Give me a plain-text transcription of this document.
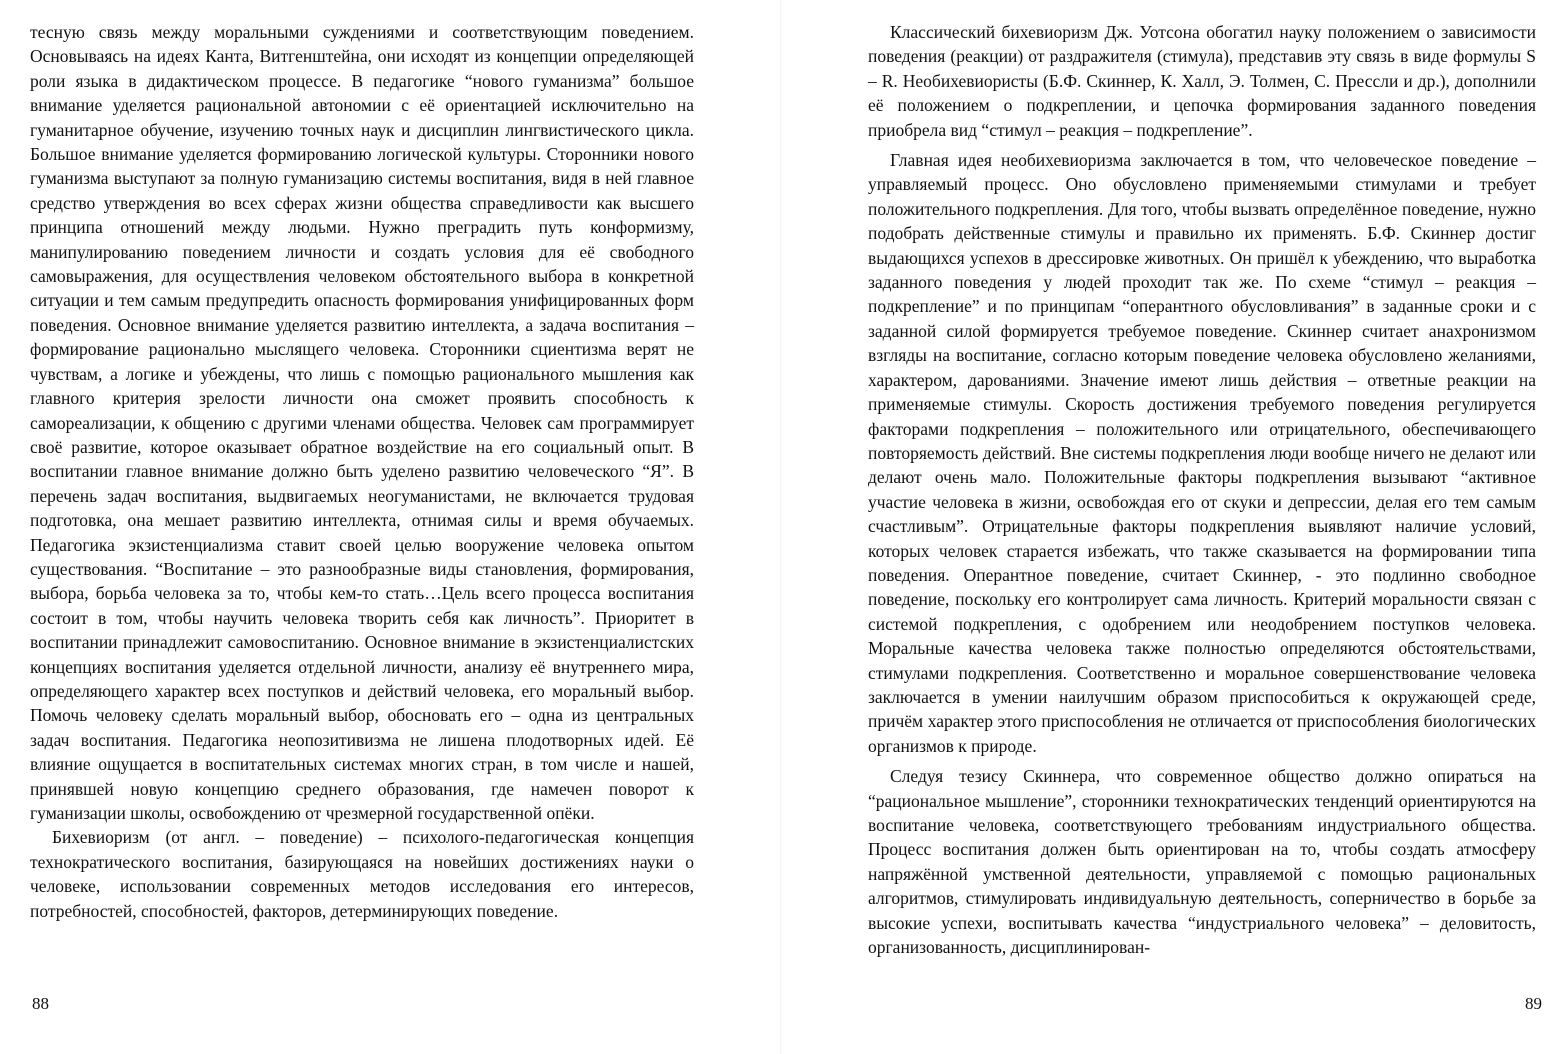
тесную связь между моральными суждениями и соответствующим поведением. Основываясь на идеях Канта, Витгенштейна, они исходят из концепции определяющей роли языка в дидактическом процессе. В педагогике “нового гуманизма” большое внимание уделяется рациональной автономии с её ориентацией исключительно на гуманитарное обучение, изучению точных наук и дисциплин лингвистического цикла. Большое внимание уделяется формированию логической культуры. Сторонники нового гуманизма выступают за полную гуманизацию системы воспитания, видя в ней главное средство утверждения во всех сферах жизни общества справедливости как высшего принципа отношений между людьми. Нужно преградить путь конформизму, манипулированию поведением личности и создать условия для её свободного самовыражения, для осуществления человеком обстоятельного выбора в конкретной ситуации и тем самым предупредить опасность формирования унифицированных форм поведения. Основное внимание уделяется развитию интеллекта, а задача воспитания – формирование рационально мыслящего человека. Сторонники сциентизма верят не чувствам, а логике и убеждены, что лишь с помощью рационального мышления как главного критерия зрелости личности она сможет проявить способность к самореализации, к общению с другими членами общества. Человек сам программирует своё развитие, которое оказывает обратное воздействие на его социальный опыт. В воспитании главное внимание должно быть уделено развитию человеческого “Я”. В перечень задач воспитания, выдвигаемых неогуманистами, не включается трудовая подготовка, она мешает развитию интеллекта, отнимая силы и время обучаемых. Педагогика экзистенциализма ставит своей целью вооружение человека опытом существования. “Воспитание – это разнообразные виды становления, формирования, выбора, борьба человека за то, чтобы кем-то стать…Цель всего процесса воспитания состоит в том, чтобы научить человека творить себя как личность”. Приоритет в воспитании принадлежит самовоспитанию. Основное внимание в экзистенциалистских концепциях воспитания уделяется отдельной личности, анализу её внутреннего мира, определяющего характер всех поступков и действий человека, его моральный выбор. Помочь человеку сделать моральный выбор, обосновать его – одна из центральных задач воспитания. Педагогика неопозитивизма не лишена плодотворных идей. Её влияние ощущается в воспитательных системах многих стран, в том числе и нашей, принявшей новую концепцию среднего образования, где намечен поворот к гуманизации школы, освобождению от чрезмерной государственной опёки.

Бихевиоризм (от англ. – поведение) – психолого-педагогическая концепция технократического воспитания, базирующаяся на новейших достижениях науки о человеке, использовании современных методов исследования его интересов, потребностей, способностей, факторов, детерминирующих поведение.

88

Классический бихевиоризм Дж. Уотсона обогатил науку положением о зависимости поведения (реакции) от раздражителя (стимула), представив эту связь в виде формулы S – R. Необихевиористы (Б.Ф. Скиннер, К. Халл, Э. Толмен, С. Прессли и др.), дополнили её положением о подкреплении, и цепочка формирования заданного поведения приобрела вид “стимул – реакция – подкрепление”.

Главная идея необихевиоризма заключается в том, что человеческое поведение – управляемый процесс. Оно обусловлено применяемыми стимулами и требует положительного подкрепления. Для того, чтобы вызвать определённое поведение, нужно подобрать действенные стимулы и правильно их применять. Б.Ф. Скиннер достиг выдающихся успехов в дрессировке животных. Он пришёл к убеждению, что выработка заданного поведения у людей проходит так же. По схеме “стимул – реакция – подкрепление” и по принципам “оперантного обусловливания” в заданные сроки и с заданной силой формируется требуемое поведение. Скиннер считает анахронизмом взгляды на воспитание, согласно которым поведение человека обусловлено желаниями, характером, дарованиями. Значение имеют лишь действия – ответные реакции на применяемые стимулы. Скорость достижения требуемого поведения регулируется факторами подкрепления – положительного или отрицательного, обеспечивающего повторяемость действий. Вне системы подкрепления люди вообще ничего не делают или делают очень мало. Положительные факторы подкрепления вызывают “активное участие человека в жизни, освобождая его от скуки и депрессии, делая его тем самым счастливым”. Отрицательные факторы подкрепления выявляют наличие условий, которых человек старается избежать, что также сказывается на формировании типа поведения. Оперантное поведение, считает Скиннер, - это подлинно свободное поведение, поскольку его контролирует сама личность. Критерий моральности связан с системой подкрепления, с одобрением или неодобрением поступков человека. Моральные качества человека также полностью определяются обстоятельствами, стимулами подкрепления. Соответственно и моральное совершенствование человека заключается в умении наилучшим образом приспособиться к окружающей среде, причём характер этого приспособления не отличается от приспособления биологических организмов к природе.

Следуя тезису Скиннера, что современное общество должно опираться на “рациональное мышление”, сторонники технократических тенденций ориентируются на воспитание человека, соответствующего требованиям индустриального общества. Процесс воспитания должен быть ориентирован на то, чтобы создать атмосферу напряжённой умственной деятельности, управляемой с помощью рациональных алгоритмов, стимулировать индивидуальную деятельность, соперничество в борьбе за высокие успехи, воспитывать качества “индустриального человека” – деловитость, организованность, дисциплинирован-

89
